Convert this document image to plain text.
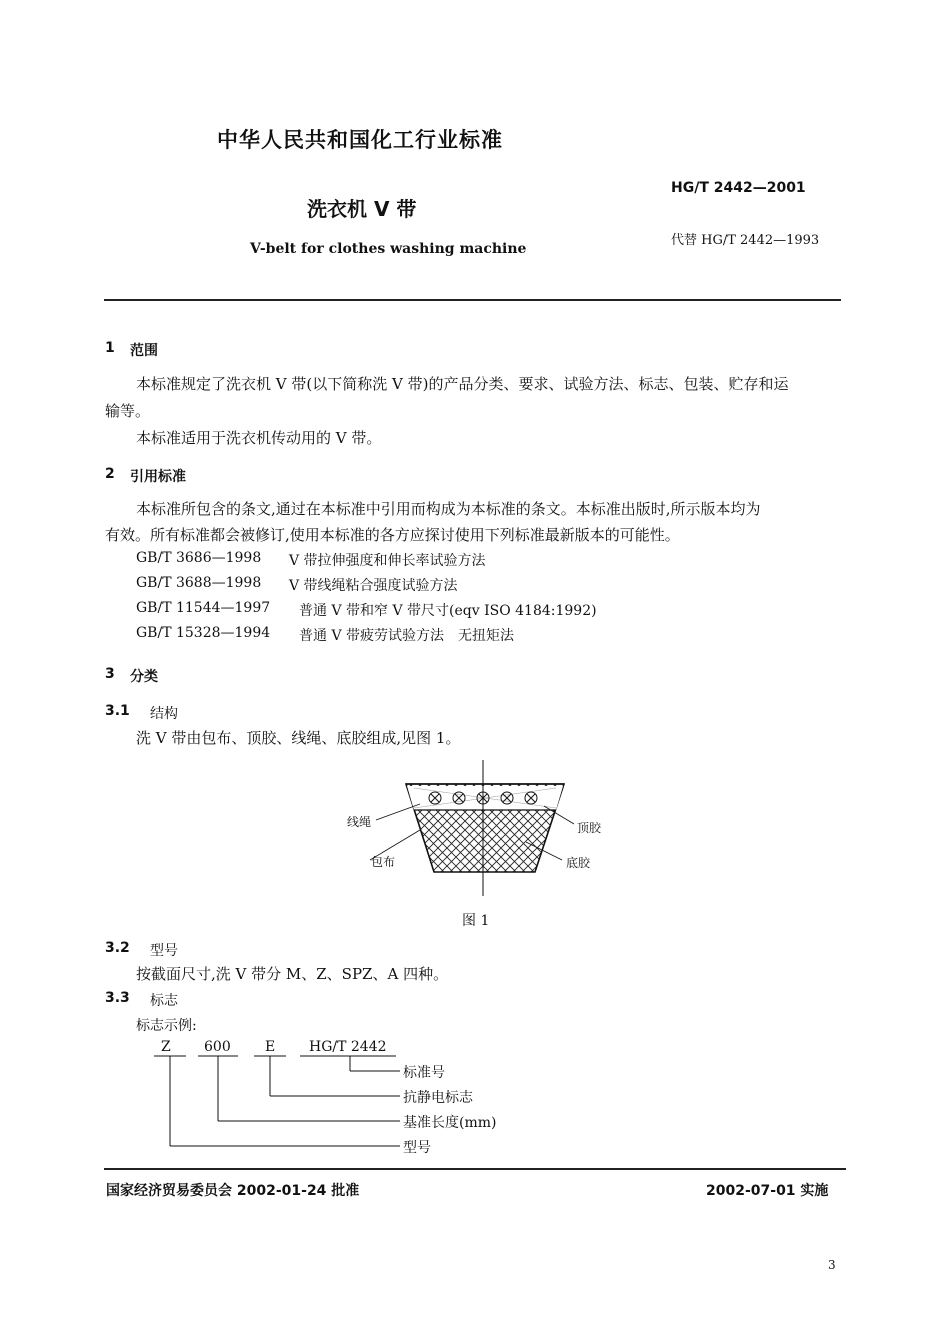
中华人民共和国化工行业标准
洗衣机 V 带
V-belt for clothes washing machine
HG/T 2442—2001
代替 HG/T 2442—1993
1 范围
本标准规定了洗衣机 V 带(以下简称洗 V 带)的产品分类、要求、试验方法、标志、包装、贮存和运
输等。
本标准适用于洗衣机传动用的 V 带。
2 引用标准
本标准所包含的条文,通过在本标准中引用而构成为本标准的条文。本标准出版时,所示版本均为
有效。所有标准都会被修订,使用本标准的各方应探讨使用下列标准最新版本的可能性。
GB/T 3686—1998 V 带拉伸强度和伸长率试验方法
GB/T 3688—1998 V 带线绳粘合强度试验方法
GB/T 11544—1997 普通 V 带和窄 V 带尺寸(eqv ISO 4184:1992)
GB/T 15328—1994 普通 V 带疲劳试验方法　无扭矩法
3 分类
3.1 结构
洗 V 带由包布、顶胶、线绳、底胶组成,见图 1。
线绳
包布
顶胶
底胶
图 1
3.2 型号
按截面尺寸,洗 V 带分 M、Z、SPZ、A 四种。
3.3 标志
标志示例:
Z 600 E HG/T 2442
标准号
抗静电标志
基准长度(mm)
型号
国家经济贸易委员会 2002-01-24 批准	2002-07-01 实施
3
